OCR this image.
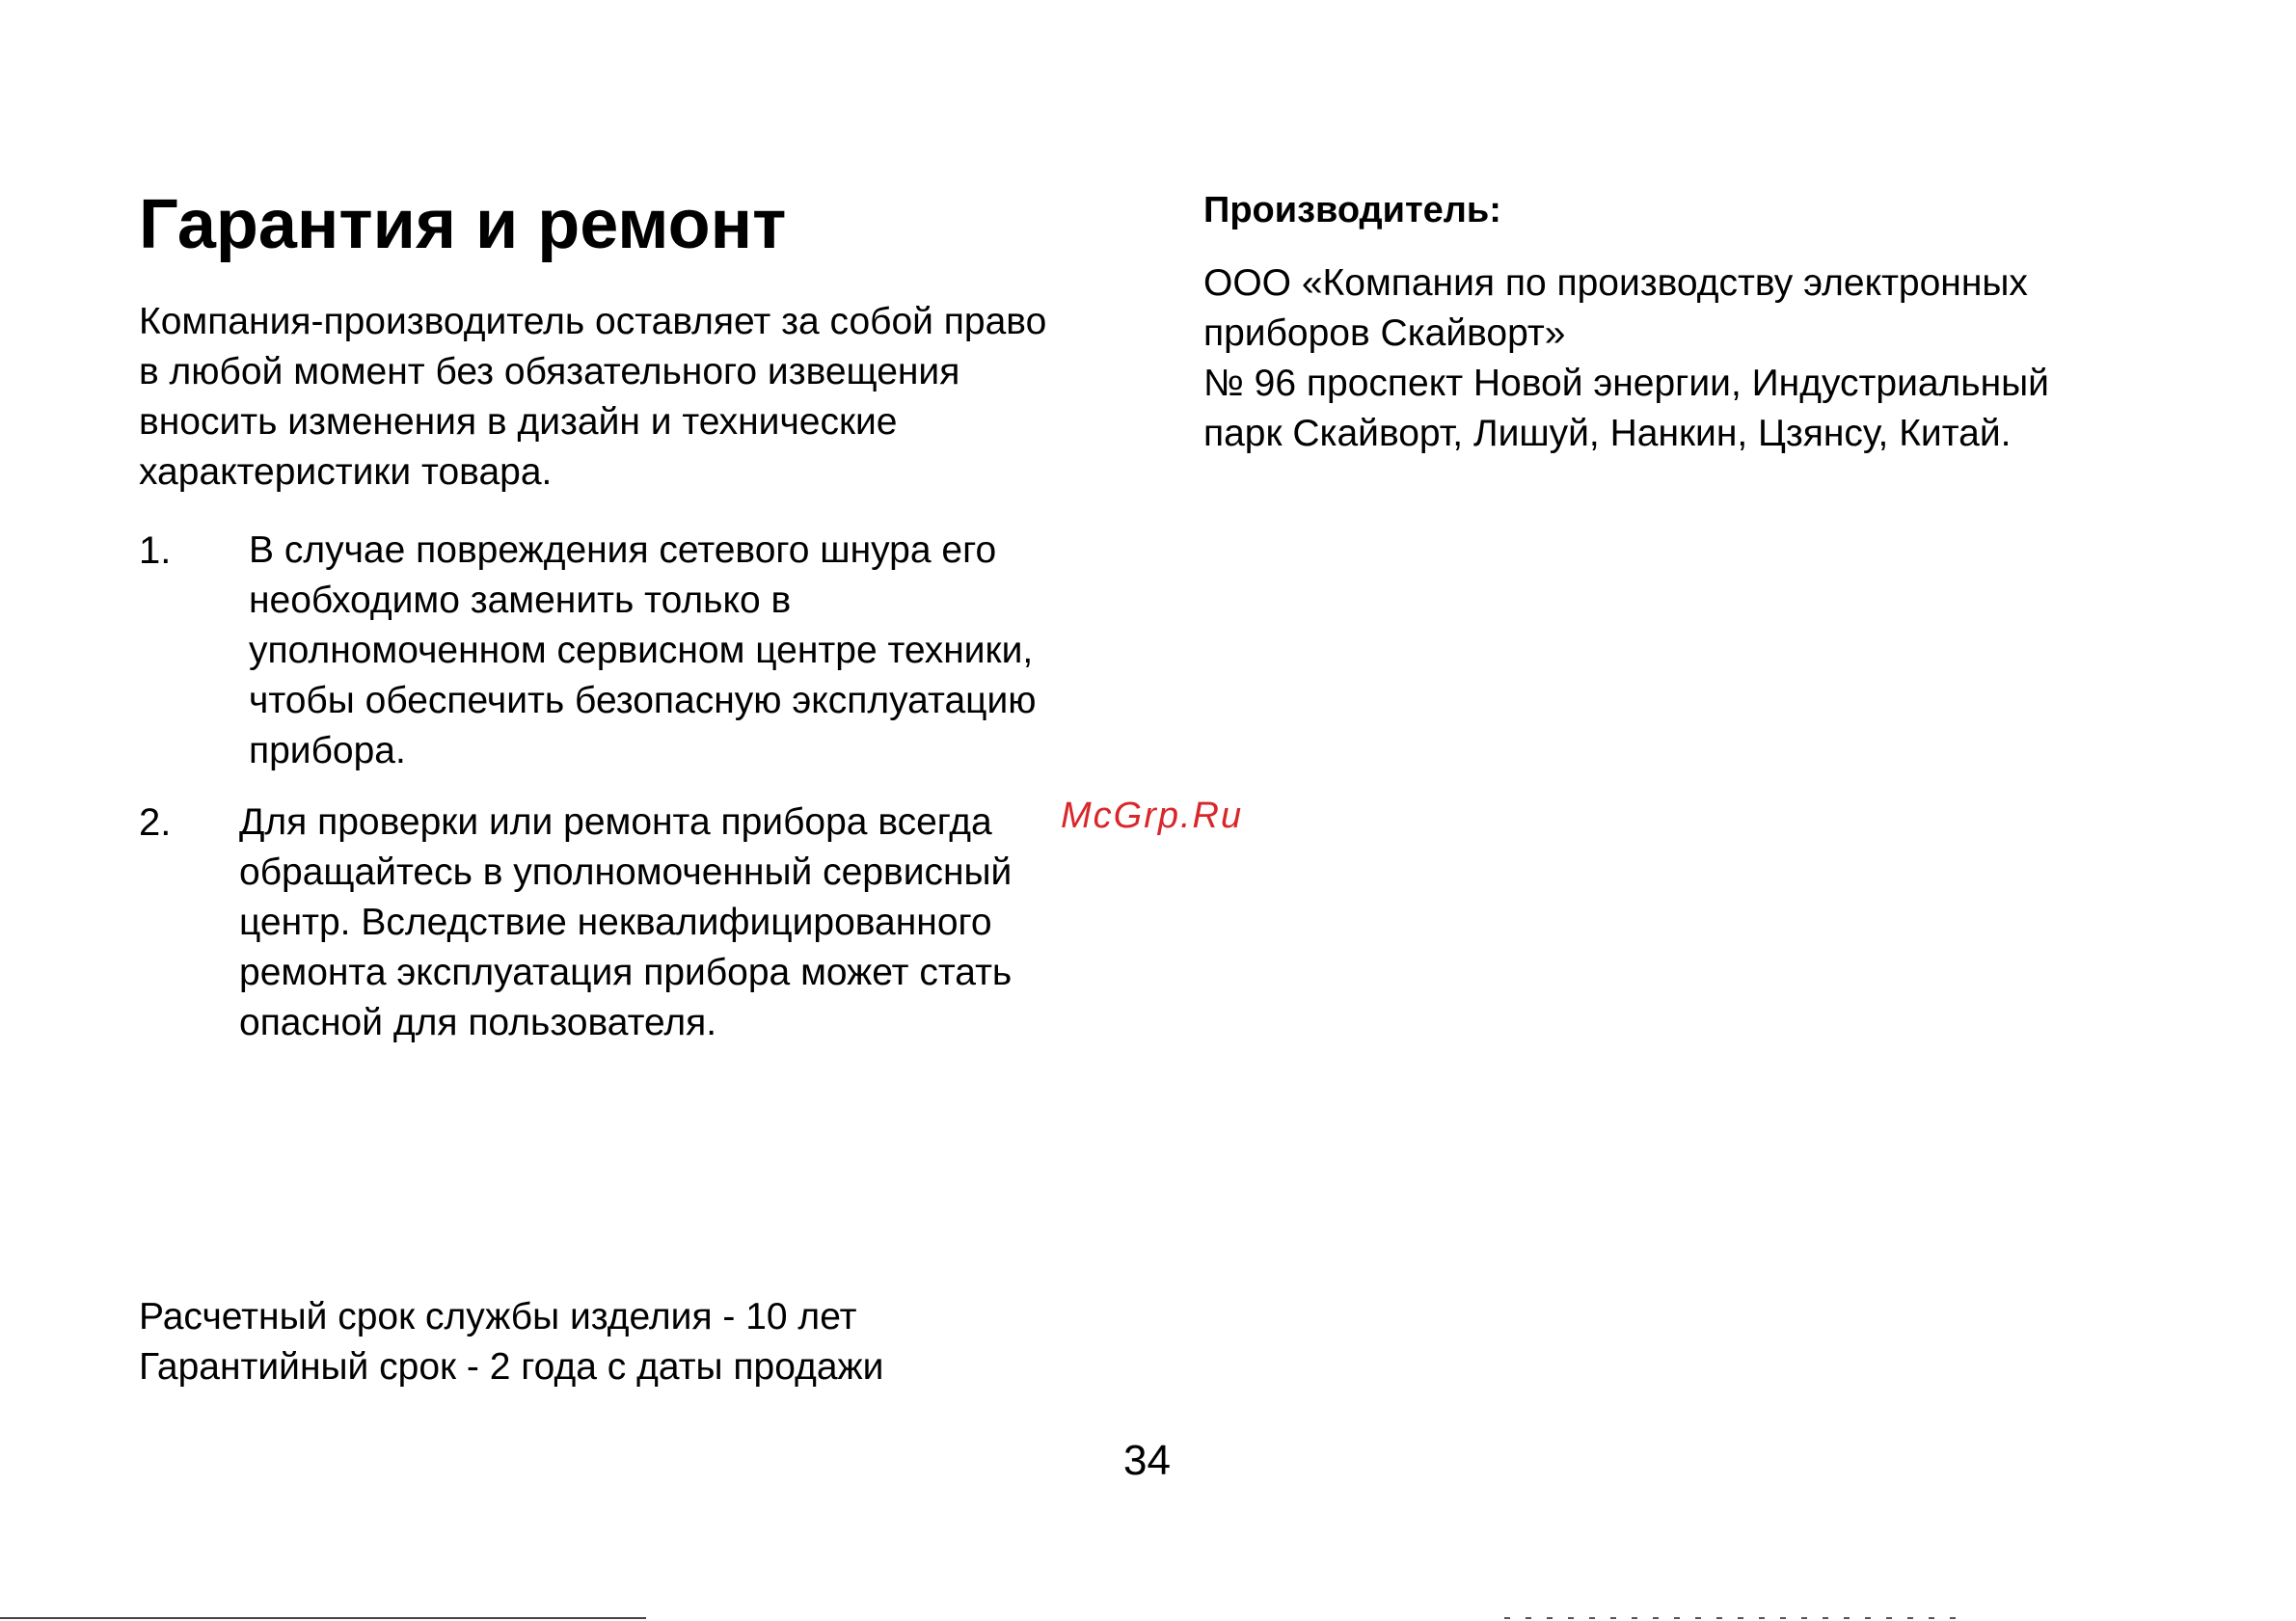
Гарантия и ремонт

Компания-производитель оставляет за собой право
в любой момент без обязательного извещения
вносить изменения в дизайн и технические
характеристики товара.

1. В случае повреждения сетевого шнура его
необходимо заменить только в
уполномоченном сервисном центре техники,
чтобы обеспечить безопасную эксплуатацию
прибора.
2. Для проверки или ремонта прибора всегда
обращайтесь в уполномоченный сервисный
центр. Вследствие неквалифицированного
ремонта эксплуатация прибора может стать
опасной для пользователя.
Расчетный срок службы изделия - 10 лет
Гарантийный срок - 2 года с даты продажи
34
Производитель:
ООО «Компания по производству электронных
приборов Скайворт»
№ 96 проспект Новой энергии, Индустриальный
парк Скайворт, Лишуй, Нанкин, Цзянсу, Китай.
McGrp.Ru
